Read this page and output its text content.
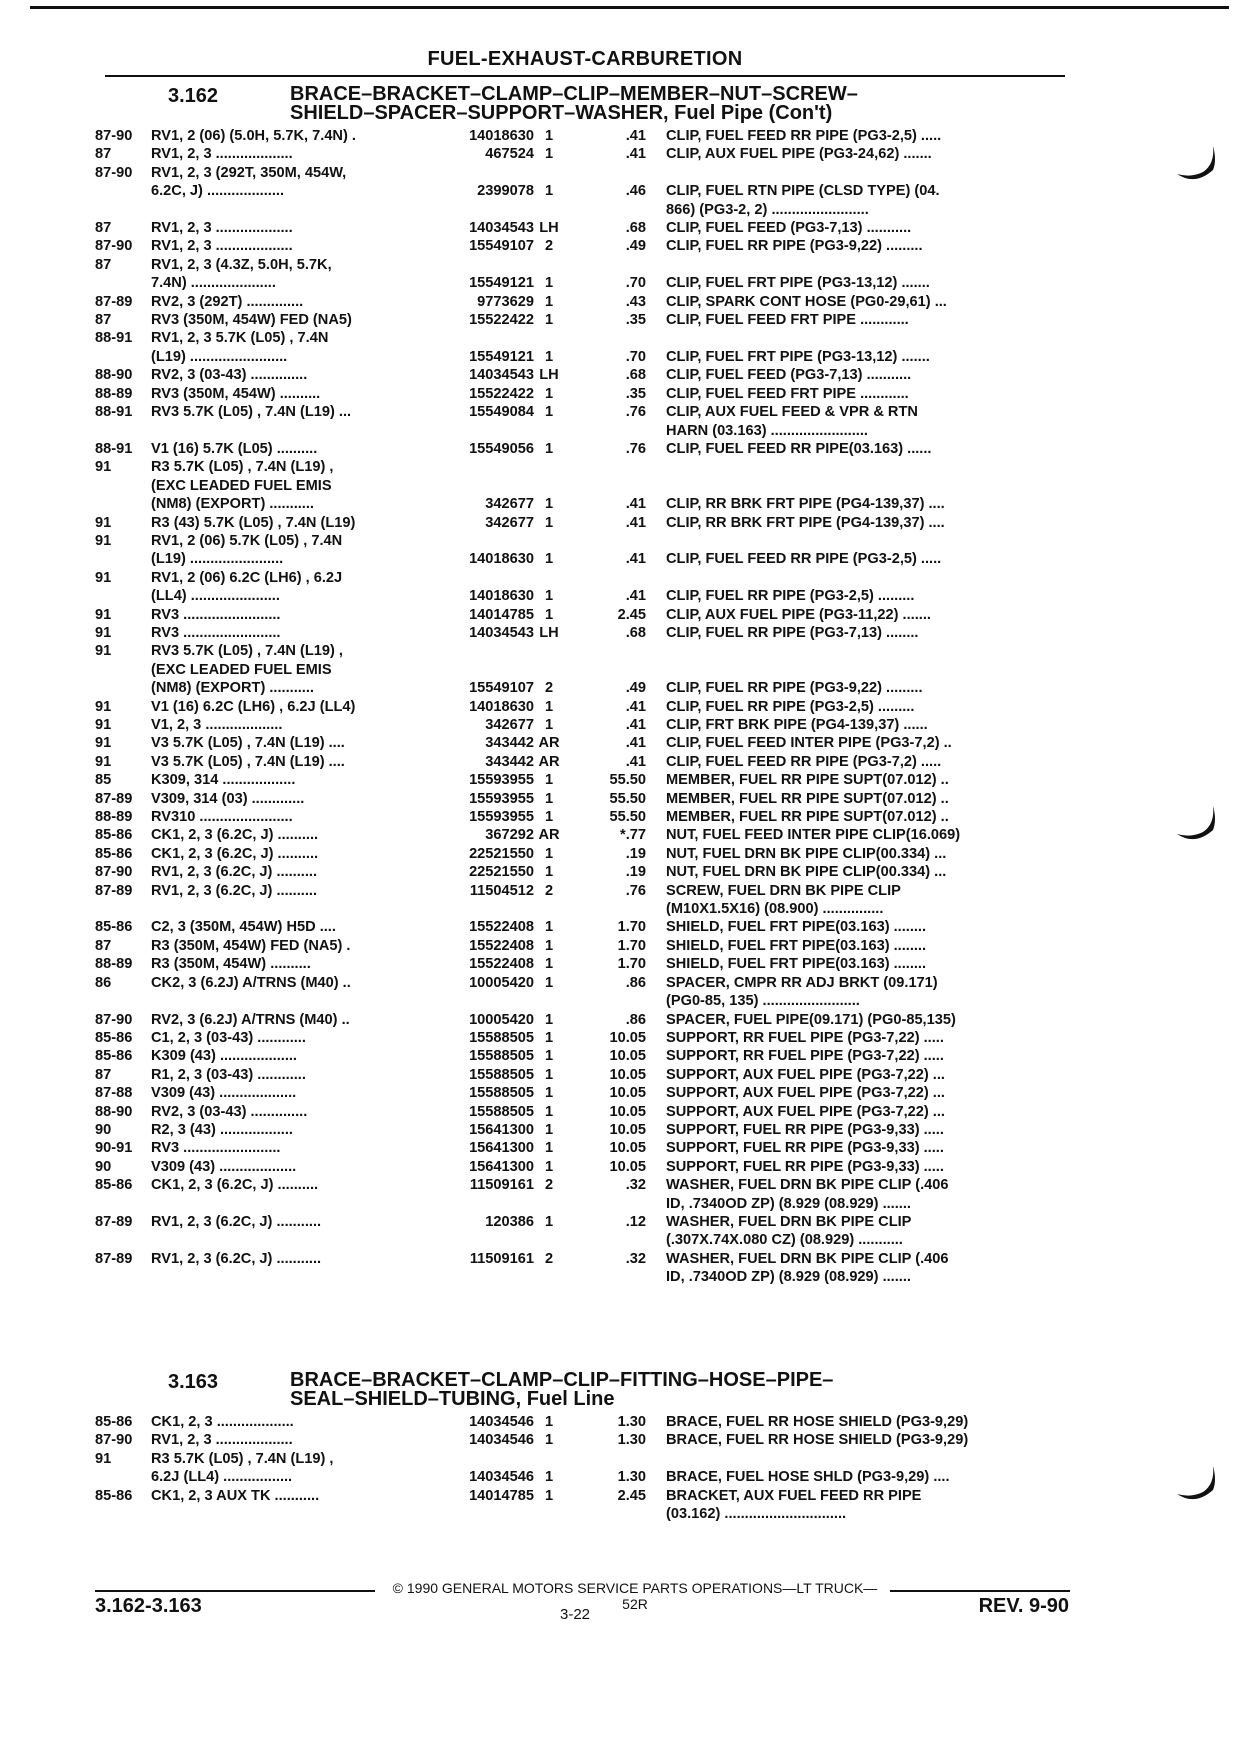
FUEL-EXHAUST-CARBURETION
3.162	BRACE–BRACKET–CLAMP–CLIP–MEMBER–NUT–SCREW–
SHIELD–SPACER–SUPPORT–WASHER, Fuel Pipe (Con't)
87-90	RV1, 2 (06) (5.0H, 5.7K, 7.4N) .	14018630 1	.41	CLIP, FUEL FEED RR PIPE (PG3-2,5) .....
87	RV1, 2, 3 ...................	467524 1	.41	CLIP, AUX FUEL PIPE (PG3-24,62) .......
87-90	RV1, 2, 3 (292T, 350M, 454W,
6.2C, J) ...................	2399078 1	.46	CLIP, FUEL RTN PIPE (CLSD TYPE) (04.
866) (PG3-2, 2) ........................
87	RV1, 2, 3 ...................	14034543 LH	.68	CLIP, FUEL FEED (PG3-7,13) ...........
87-90	RV1, 2, 3 ...................	15549107 2	.49	CLIP, FUEL RR PIPE (PG3-9,22) .........
87	RV1, 2, 3 (4.3Z, 5.0H, 5.7K,
7.4N) .....................	15549121 1	.70	CLIP, FUEL FRT PIPE (PG3-13,12) .......
87-89	RV2, 3 (292T) ..............	9773629 1	.43	CLIP, SPARK CONT HOSE (PG0-29,61) ...
87	RV3 (350M, 454W) FED (NA5)	15522422 1	.35	CLIP, FUEL FEED FRT PIPE ............
88-91	RV1, 2, 3 5.7K (L05) , 7.4N
(L19) ........................	15549121 1	.70	CLIP, FUEL FRT PIPE (PG3-13,12) .......
88-90	RV2, 3 (03-43) ..............	14034543 LH	.68	CLIP, FUEL FEED (PG3-7,13) ...........
88-89	RV3 (350M, 454W) ..........	15522422 1	.35	CLIP, FUEL FEED FRT PIPE ............
88-91	RV3 5.7K (L05) , 7.4N (L19) ...	15549084 1	.76	CLIP, AUX FUEL FEED & VPR & RTN
HARN (03.163) ........................
88-91	V1 (16) 5.7K (L05) ..........	15549056 1	.76	CLIP, FUEL FEED RR PIPE(03.163) ......
91	R3 5.7K (L05) , 7.4N (L19) ,
(EXC LEADED FUEL EMIS
(NM8) (EXPORT) ...........	342677 1	.41	CLIP, RR BRK FRT PIPE (PG4-139,37) ....
91	R3 (43) 5.7K (L05) , 7.4N (L19)	342677 1	.41	CLIP, RR BRK FRT PIPE (PG4-139,37) ....
91	RV1, 2 (06) 5.7K (L05) , 7.4N
(L19) .......................	14018630 1	.41	CLIP, FUEL FEED RR PIPE (PG3-2,5) .....
91	RV1, 2 (06) 6.2C (LH6) , 6.2J
(LL4) ......................	14018630 1	.41	CLIP, FUEL RR PIPE (PG3-2,5) .........
91	RV3 ........................	14014785 1	2.45	CLIP, AUX FUEL PIPE (PG3-11,22) .......
91	RV3 ........................	14034543 LH	.68	CLIP, FUEL RR PIPE (PG3-7,13) ........
91	RV3 5.7K (L05) , 7.4N (L19) ,
(EXC LEADED FUEL EMIS
(NM8) (EXPORT) ...........	15549107 2	.49	CLIP, FUEL RR PIPE (PG3-9,22) .........
91	V1 (16) 6.2C (LH6) , 6.2J (LL4)	14018630 1	.41	CLIP, FUEL RR PIPE (PG3-2,5) .........
91	V1, 2, 3 ...................	342677 1	.41	CLIP, FRT BRK PIPE (PG4-139,37) ......
91	V3 5.7K (L05) , 7.4N (L19) ....	343442 AR	.41	CLIP, FUEL FEED INTER PIPE (PG3-7,2) ..
91	V3 5.7K (L05) , 7.4N (L19) ....	343442 AR	.41	CLIP, FUEL FEED RR PIPE (PG3-7,2) .....
85	K309, 314 ..................	15593955 1	55.50	MEMBER, FUEL RR PIPE SUPT(07.012) ..
87-89	V309, 314 (03) .............	15593955 1	55.50	MEMBER, FUEL RR PIPE SUPT(07.012) ..
88-89	RV310 .......................	15593955 1	55.50	MEMBER, FUEL RR PIPE SUPT(07.012) ..
85-86	CK1, 2, 3 (6.2C, J) ..........	367292 AR	*.77	NUT, FUEL FEED INTER PIPE CLIP(16.069)
85-86	CK1, 2, 3 (6.2C, J) ..........	22521550 1	.19	NUT, FUEL DRN BK PIPE CLIP(00.334) ...
87-90	RV1, 2, 3 (6.2C, J) ..........	22521550 1	.19	NUT, FUEL DRN BK PIPE CLIP(00.334) ...
87-89	RV1, 2, 3 (6.2C, J) ..........	11504512 2	.76	SCREW, FUEL DRN BK PIPE CLIP
(M10X1.5X16) (08.900) ...............
85-86	C2, 3 (350M, 454W) H5D ....	15522408 1	1.70	SHIELD, FUEL FRT PIPE(03.163) ........
87	R3 (350M, 454W) FED (NA5) .	15522408 1	1.70	SHIELD, FUEL FRT PIPE(03.163) ........
88-89	R3 (350M, 454W) ..........	15522408 1	1.70	SHIELD, FUEL FRT PIPE(03.163) ........
86	CK2, 3 (6.2J) A/TRNS (M40) ..	10005420 1	.86	SPACER, CMPR RR ADJ BRKT (09.171)
(PG0-85, 135) ........................
87-90	RV2, 3 (6.2J) A/TRNS (M40) ..	10005420 1	.86	SPACER, FUEL PIPE(09.171) (PG0-85,135)
85-86	C1, 2, 3 (03-43) ............	15588505 1	10.05	SUPPORT, RR FUEL PIPE (PG3-7,22) .....
85-86	K309 (43) ...................	15588505 1	10.05	SUPPORT, RR FUEL PIPE (PG3-7,22) .....
87	R1, 2, 3 (03-43) ............	15588505 1	10.05	SUPPORT, AUX FUEL PIPE (PG3-7,22) ...
87-88	V309 (43) ...................	15588505 1	10.05	SUPPORT, AUX FUEL PIPE (PG3-7,22) ...
88-90	RV2, 3 (03-43) ..............	15588505 1	10.05	SUPPORT, AUX FUEL PIPE (PG3-7,22) ...
90	R2, 3 (43) ..................	15641300 1	10.05	SUPPORT, FUEL RR PIPE (PG3-9,33) .....
90-91	RV3 ........................	15641300 1	10.05	SUPPORT, FUEL RR PIPE (PG3-9,33) .....
90	V309 (43) ...................	15641300 1	10.05	SUPPORT, FUEL RR PIPE (PG3-9,33) .....
85-86	CK1, 2, 3 (6.2C, J) ..........	11509161 2	.32	WASHER, FUEL DRN BK PIPE CLIP (.406
ID, .7340OD ZP) (8.929 (08.929) .......
87-89	RV1, 2, 3 (6.2C, J) ...........	120386 1	.12	WASHER, FUEL DRN BK PIPE CLIP
(.307X.74X.080 CZ) (08.929) ...........
87-89	RV1, 2, 3 (6.2C, J) ...........	11509161 2	.32	WASHER, FUEL DRN BK PIPE CLIP (.406
ID, .7340OD ZP) (8.929 (08.929) .......
3.163	BRACE–BRACKET–CLAMP–CLIP–FITTING–HOSE–PIPE–
SEAL–SHIELD–TUBING, Fuel Line
85-86	CK1, 2, 3 ...................	14034546 1	1.30	BRACE, FUEL RR HOSE SHIELD (PG3-9,29)
87-90	RV1, 2, 3 ...................	14034546 1	1.30	BRACE, FUEL RR HOSE SHIELD (PG3-9,29)
91	R3 5.7K (L05) , 7.4N (L19) ,
6.2J (LL4) .................	14034546 1	1.30	BRACE, FUEL HOSE SHLD (PG3-9,29) ....
85-86	CK1, 2, 3 AUX TK ...........	14014785 1	2.45	BRACKET, AUX FUEL FEED RR PIPE
(03.162) ..............................
© 1990 GENERAL MOTORS SERVICE PARTS OPERATIONS—LT TRUCK—52R
3.162-3.163	3-22	REV. 9-90
